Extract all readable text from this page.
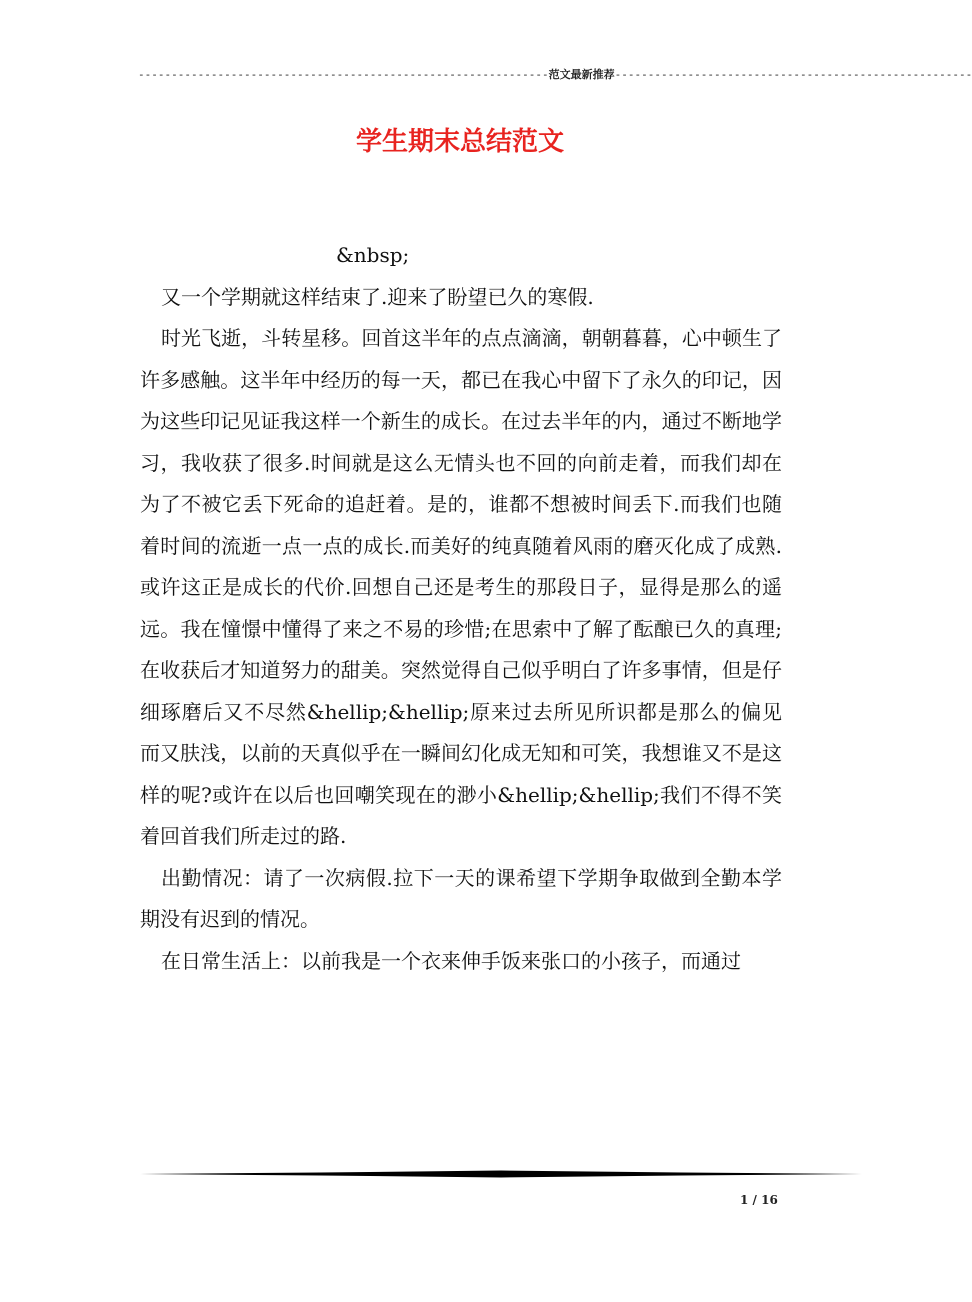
--------------------------------------------------------------范文最新推荐------------------------------------------------------
学生期末总结范文

&nbsp;

又一个学期就这样结束了.迎来了盼望已久的寒假.

时光飞逝，斗转星移。回首这半年的点点滴滴，朝朝暮暮，心中顿生了许多感触。这半年中经历的每一天，都已在我心中留下了永久的印记，因为这些印记见证我这样一个新生的成长。在过去半年的内，通过不断地学习，我收获了很多.时间就是这么无情头也不回的向前走着，而我们却在为了不被它丢下死命的追赶着。是的，谁都不想被时间丢下.而我们也随着时间的流逝一点一点的成长.而美好的纯真随着风雨的磨灭化成了成熟.或许这正是成长的代价.回想自己还是考生的那段日子，显得是那么的遥远。我在憧憬中懂得了来之不易的珍惜;在思索中了解了酝酿已久的真理;在收获后才知道努力的甜美。突然觉得自己似乎明白了许多事情，但是仔细琢磨后又不尽然&hellip;&hellip;原来过去所见所识都是那么的偏见而又肤浅，以前的天真似乎在一瞬间幻化成无知和可笑，我想谁又不是这样的呢?或许在以后也回嘲笑现在的渺小&hellip;&hellip;我们不得不笑着回首我们所走过的路.

出勤情况：请了一次病假.拉下一天的课希望下学期争取做到全勤本学期没有迟到的情况。

在日常生活上：以前我是一个衣来伸手饭来张口的小孩子，而通过

1 / 16
